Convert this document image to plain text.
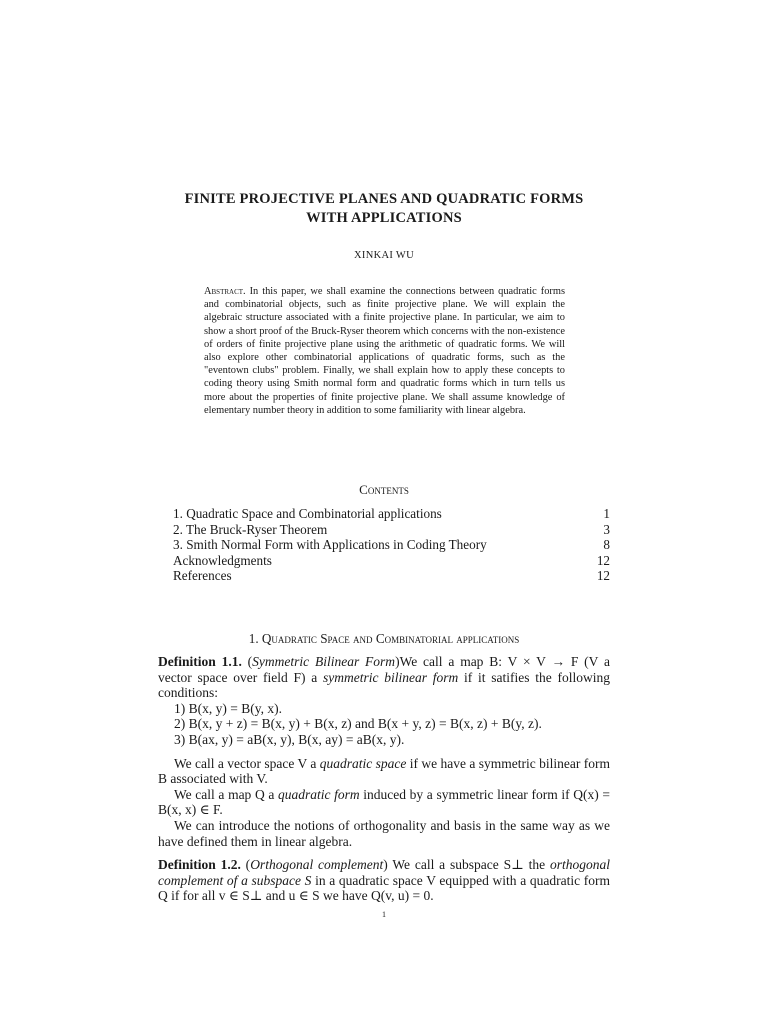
FINITE PROJECTIVE PLANES AND QUADRATIC FORMS
WITH APPLICATIONS
XINKAI WU
Abstract. In this paper, we shall examine the connections between quadratic forms and combinatorial objects, such as finite projective plane. We will explain the algebraic structure associated with a finite projective plane. In particular, we aim to show a short proof of the Bruck-Ryser theorem which concerns with the non-existence of orders of finite projective plane using the arithmetic of quadratic forms. We will also explore other combinatorial applications of quadratic forms, such as the "eventown clubs" problem. Finally, we shall explain how to apply these concepts to coding theory using Smith normal form and quadratic forms which in turn tells us more about the properties of finite projective plane. We shall assume knowledge of elementary number theory in addition to some familiarity with linear algebra.
Contents
1. Quadratic Space and Combinatorial applications	1
2. The Bruck-Ryser Theorem	3
3. Smith Normal Form with Applications in Coding Theory	8
Acknowledgments	12
References	12
1. Quadratic Space and Combinatorial applications

Definition 1.1. (Symmetric Bilinear Form)We call a map B: V × V → F (V a vector space over field F) a symmetric bilinear form if it satifies the following conditions:

1) B(x, y) = B(y, x).

2) B(x, y + z) = B(x, y) + B(x, z) and B(x + y, z) = B(x, z) + B(y, z).

3) B(ax, y) = aB(x, y), B(x, ay) = aB(x, y).

We call a vector space V a quadratic space if we have a symmetric bilinear form B associated with V.

We call a map Q a quadratic form induced by a symmetric linear form if Q(x) = B(x, x) ∈ F.

We can introduce the notions of orthogonality and basis in the same way as we have defined them in linear algebra.

Definition 1.2. (Orthogonal complement) We call a subspace S⊥ the orthogonal complement of a subspace S in a quadratic space V equipped with a quadratic form Q if for all v ∈ S⊥ and u ∈ S we have Q(v, u) = 0.

1
